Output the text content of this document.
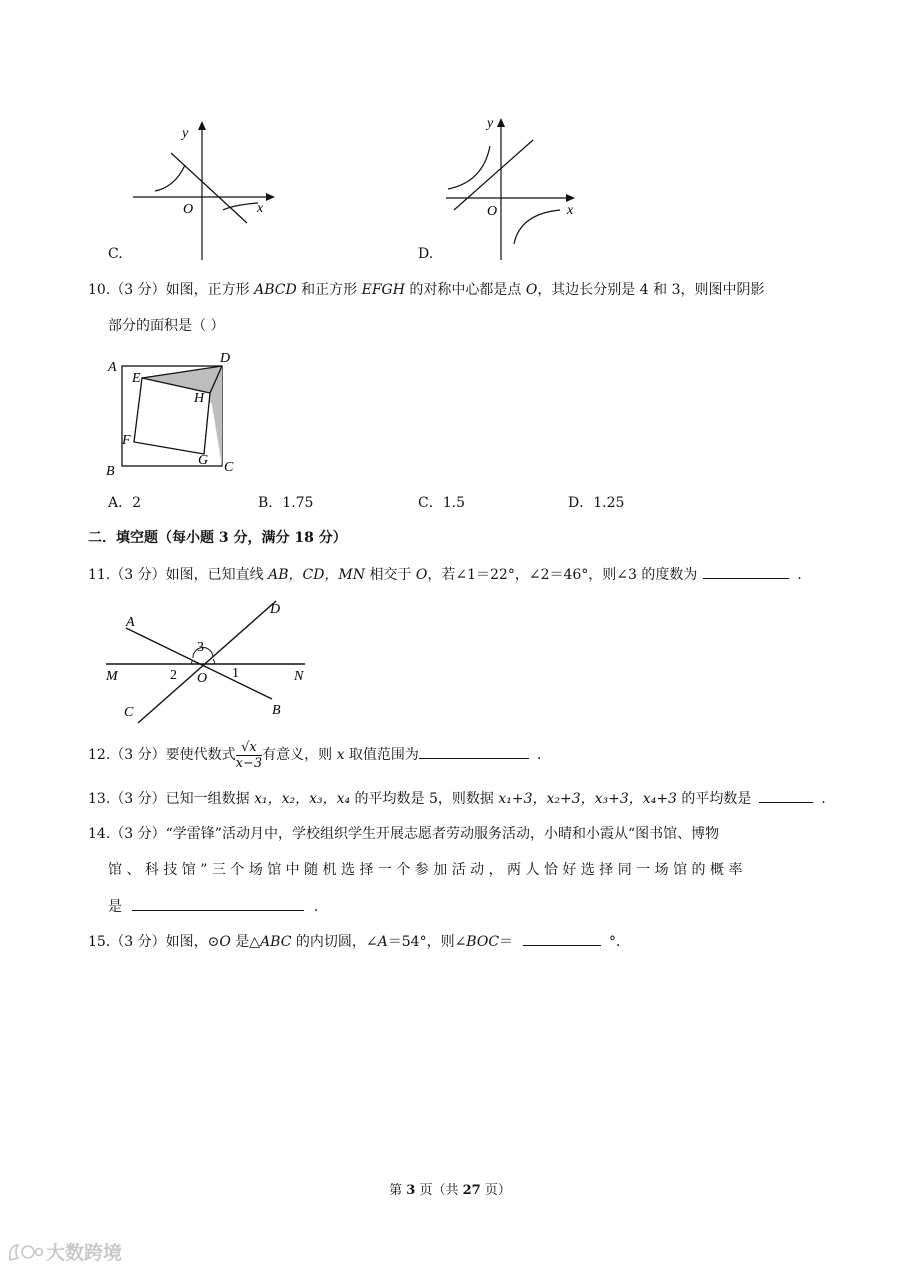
y
x
O
C.
y
x
O
D.
10.（3 分）如图，正方形 ABCD 和正方形 EFGH 的对称中心都是点 O，其边长分别是 4 和 3，则图中阴影
部分的面积是（ ）
A
B	C
D
E
F
G
H
A．2	B．1.75	C．1.5	D．1.25
二．填空题（每小题 3 分，满分 18 分）
11.（3 分）如图，已知直线 AB，CD，MN 相交于 O，若∠1＝22°，∠2＝46°，则∠3 的度数为	．
A
B
C
D
M	N
O 1
2
3
12.（3 分）要使代数式 $\frac{√x}{x-3}$ 有意义，则 x 取值范围为	．
13.（3 分）已知一组数据 x₁，x₂，x₃，x₄ 的平均数是 5，则数据 x₁+3，x₂+3，x₃+3，x₄+3 的平均数是	．
14.（3 分）“学雷锋”活动月中，学校组织学生开展志愿者劳动服务活动，小晴和小霞从“图书馆、博物
馆 、 科 技 馆 ” 三 个 场 馆 中 随 机 选 择 一 个 参 加 活 动 ， 两 人 恰 好 选 择 同 一 场 馆 的 概 率
是	．
15.（3 分）如图，⊙O 是△ABC 的内切圆，∠A＝54°，则∠BOC＝	°．
第 3 页（共 27 页）
大数跨境
